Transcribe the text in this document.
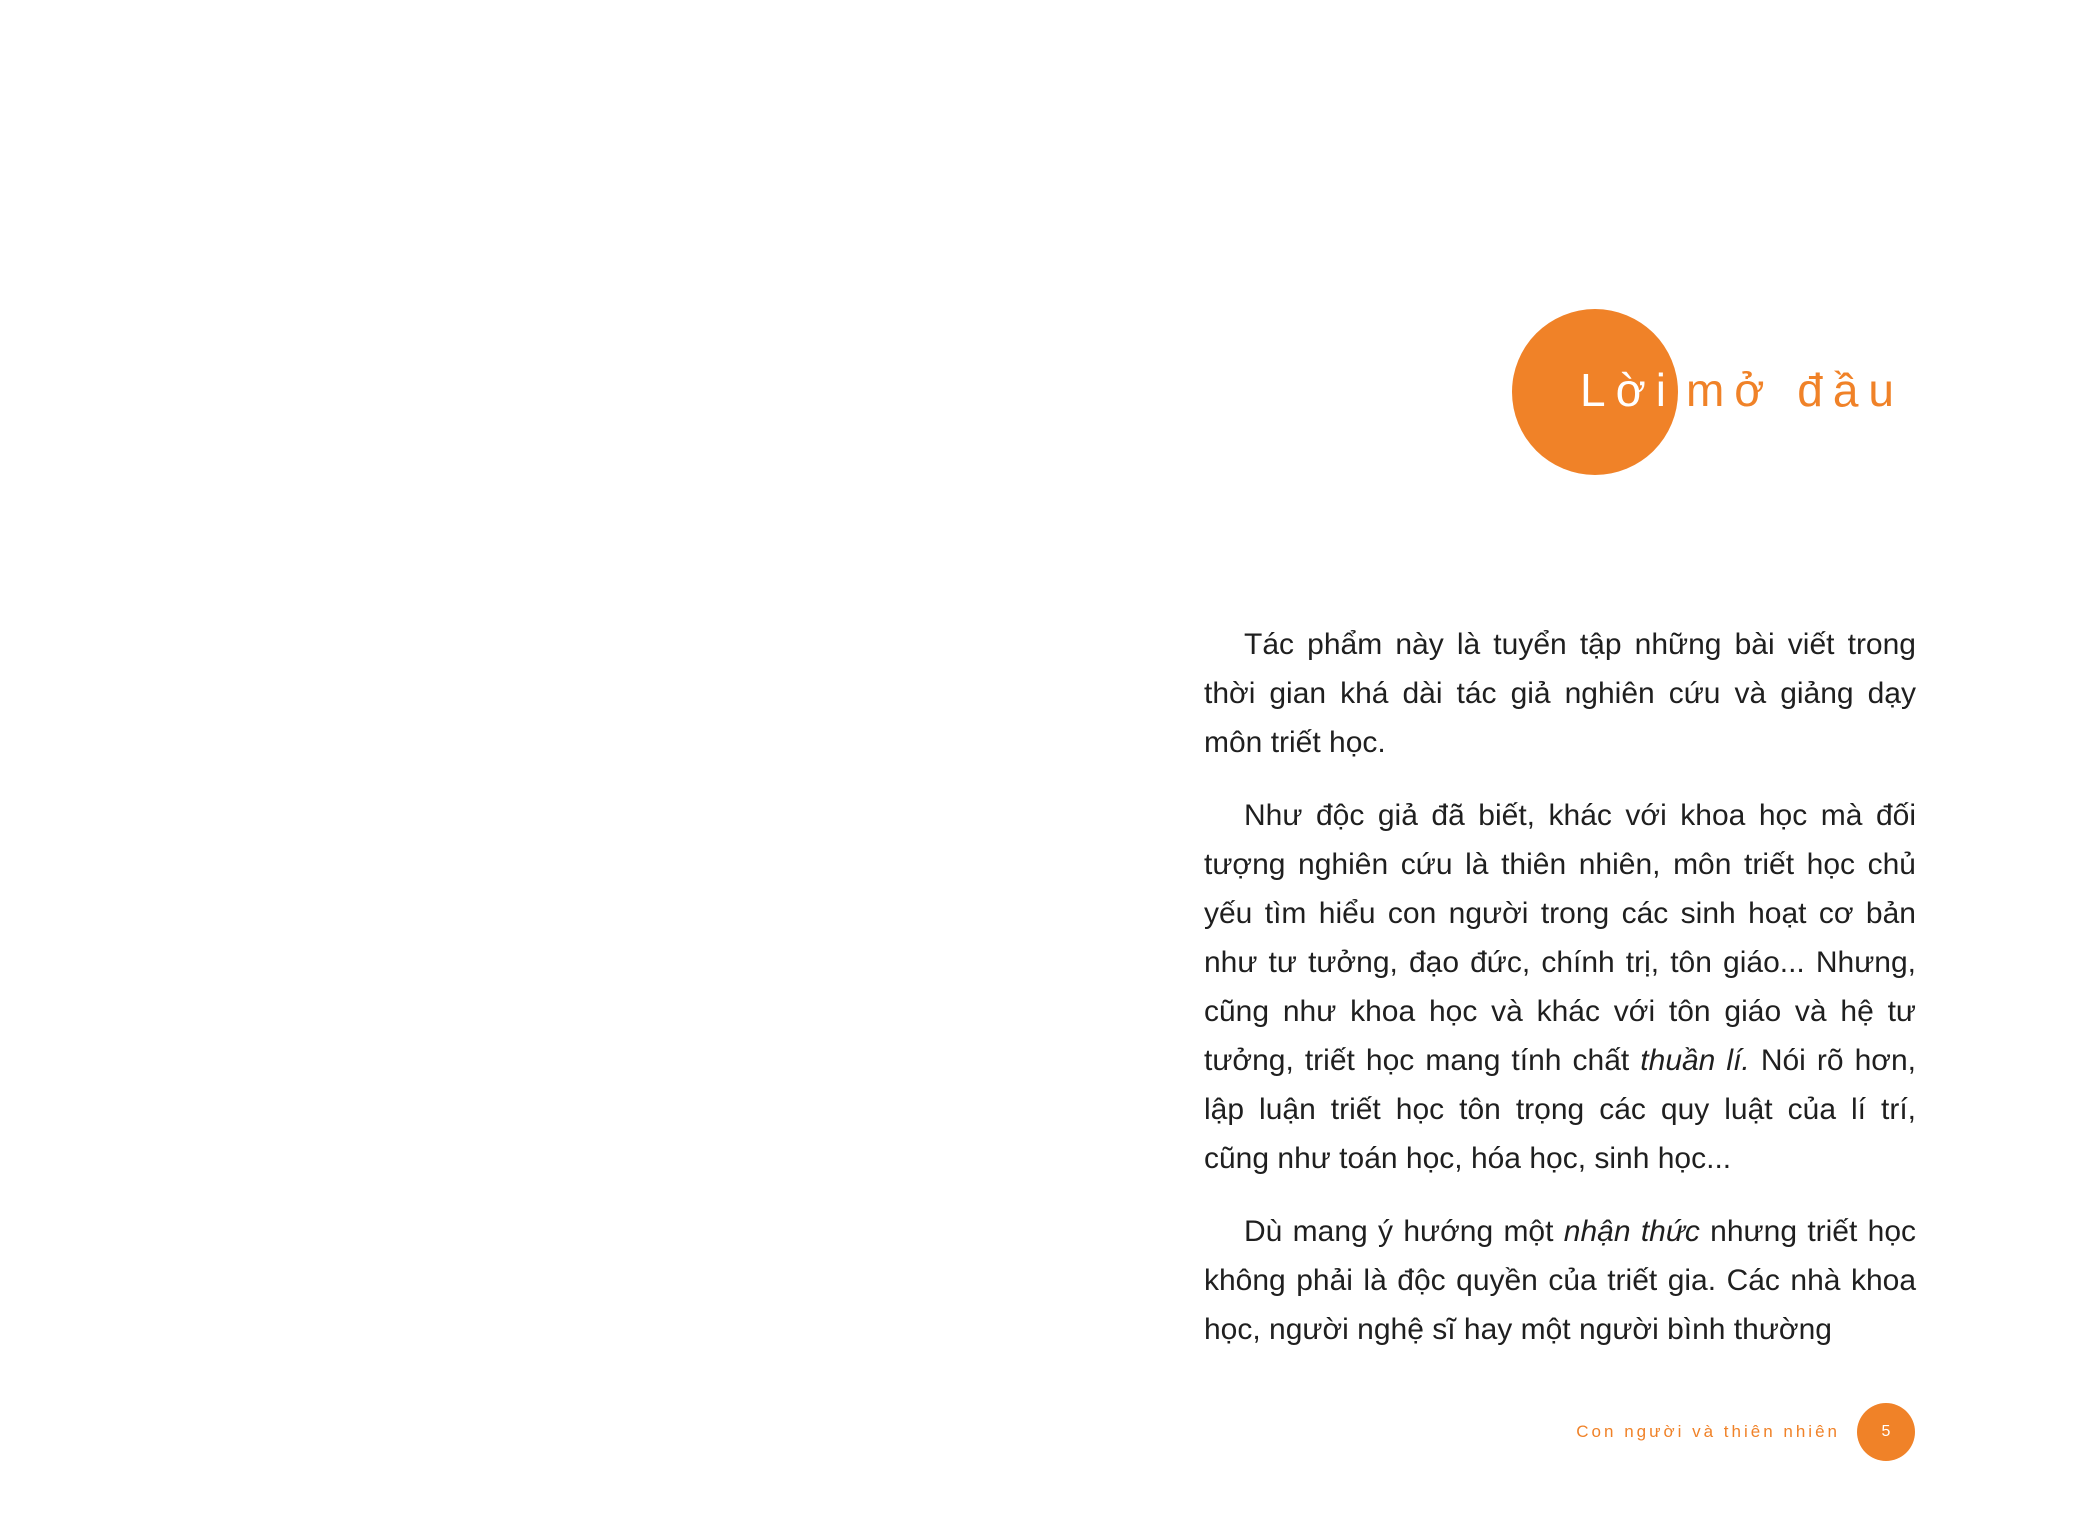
Lời mở đầu

Tác phẩm này là tuyển tập những bài viết trong thời gian khá dài tác giả nghiên cứu và giảng dạy môn triết học.

Như độc giả đã biết, khác với khoa học mà đối tượng nghiên cứu là thiên nhiên, môn triết học chủ yếu tìm hiểu con người trong các sinh hoạt cơ bản như tư tưởng, đạo đức, chính trị, tôn giáo... Nhưng, cũng như khoa học và khác với tôn giáo và hệ tư tưởng, triết học mang tính chất thuần lí. Nói rõ hơn, lập luận triết học tôn trọng các quy luật của lí trí, cũng như toán học, hóa học, sinh học...

Dù mang ý hướng một nhận thức nhưng triết học không phải là độc quyền của triết gia. Các nhà khoa học, người nghệ sĩ hay một người bình thường

Con người và thiên nhiên	5
